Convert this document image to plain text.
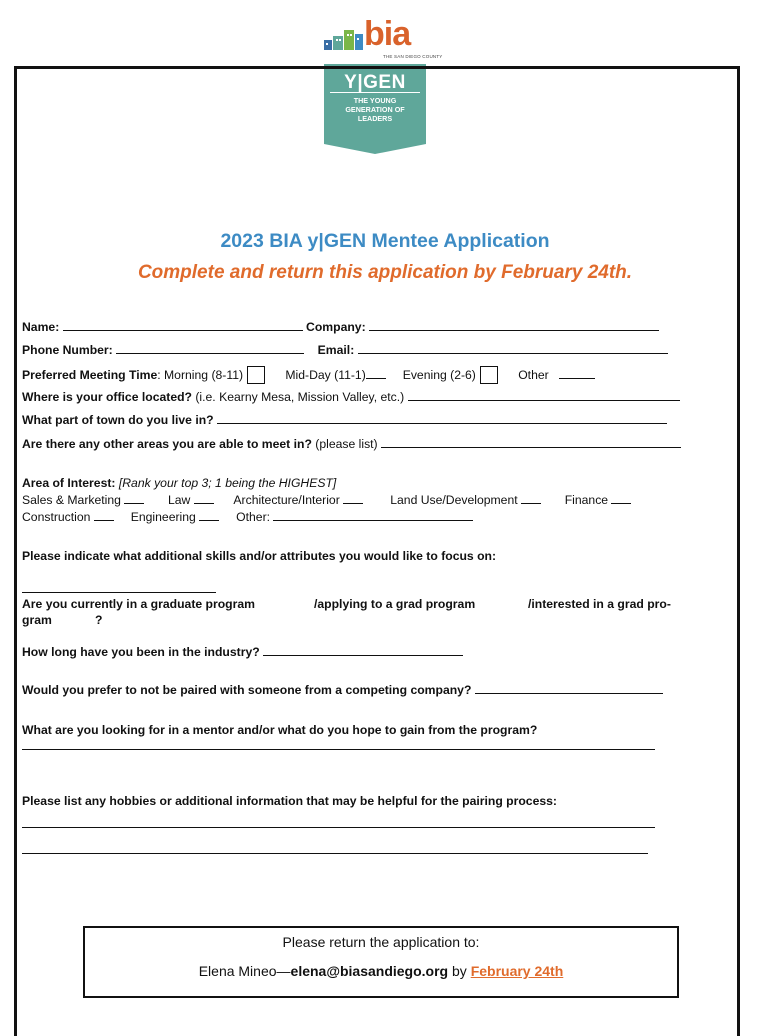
bia
THE SAN DIEGO COUNTY
Y|GEN
THE YOUNG GENERATION OF LEADERS
2023 BIA y|GEN Mentee Application
Complete and return this application by February 24th.
Name:	Company:
Phone Number:	Email:
Preferred Meeting Time: Morning (8-11)	Mid-Day (11-1)	Evening (2-6)	Other
Where is your office located? (i.e. Kearny Mesa, Mission Valley, etc.)
What part of town do you live in?
Are there any other areas you are able to meet in? (please list)
Area of Interest: [Rank your top 3; 1 being the HIGHEST]
Sales & Marketing	Law	Architecture/Interior	Land Use/Development	Finance
Construction	Engineering	Other:
Please indicate what additional skills and/or attributes you would like to focus on:
Are you currently in a graduate program	/applying to a grad program	/interested in a grad pro-
gram	?
How long have you been in the industry?
Would you prefer to not be paired with someone from a competing company?
What are you looking for in a mentor and/or what do you hope to gain from the program?
Please list any hobbies or additional information that may be helpful for the pairing process:
Please return the application to:
Elena Mineo—elena@biasandiego.org by February 24th
